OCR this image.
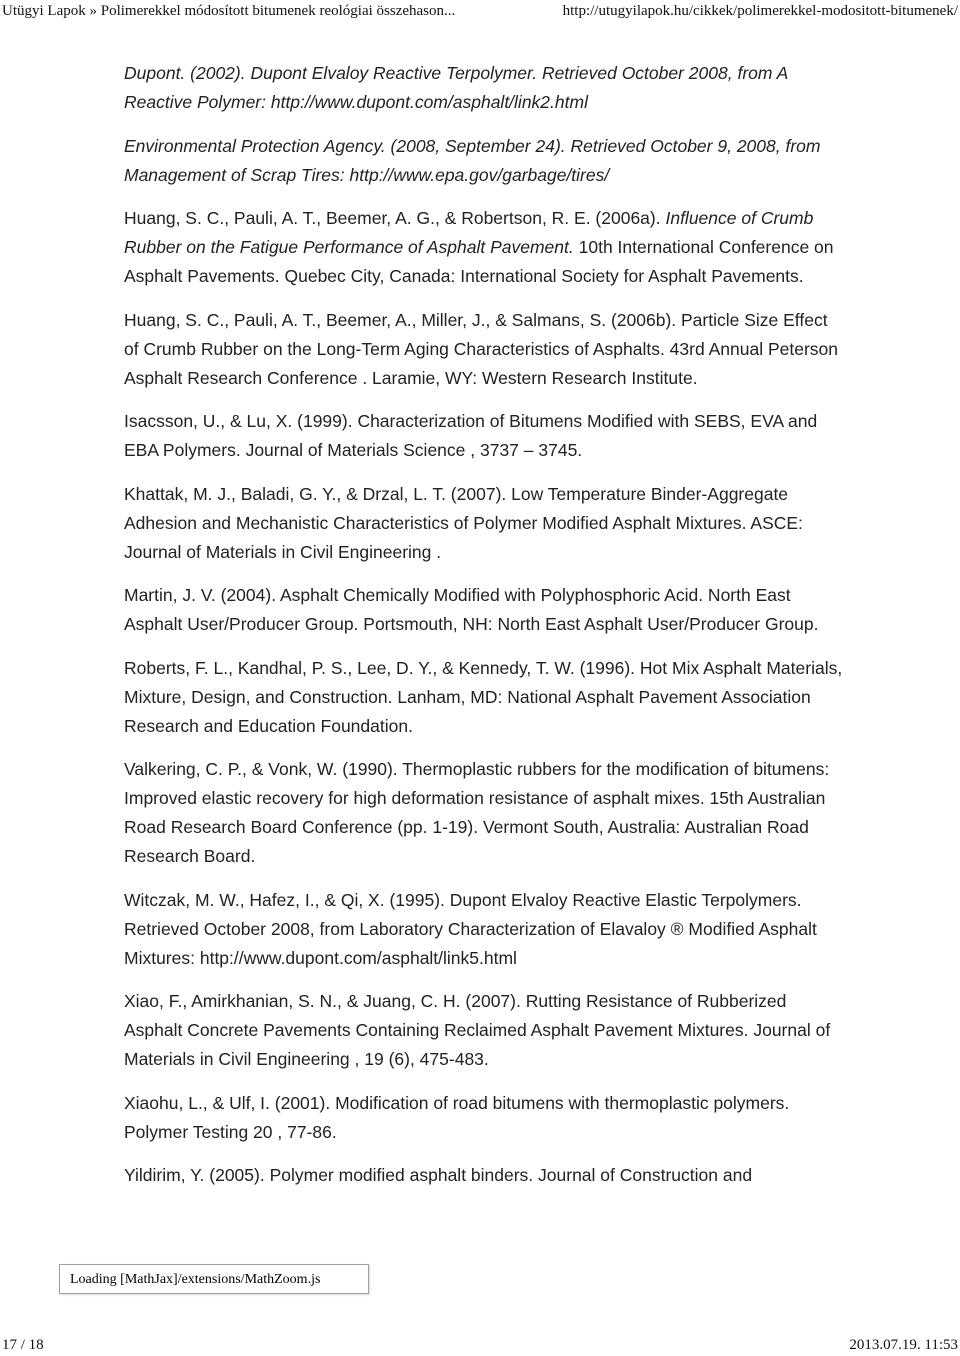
Utügyi Lapok » Polimerekkel módosított bitumenek reológiai összehason...	http://utugyilapok.hu/cikkek/polimerekkel-modositott-bitumenek/

Dupont. (2002). Dupont Elvaloy Reactive Terpolymer. Retrieved October 2008, from A Reactive Polymer: http://www.dupont.com/asphalt/link2.html

Environmental Protection Agency. (2008, September 24). Retrieved October 9, 2008, from Management of Scrap Tires: http://www.epa.gov/garbage/tires/

Huang, S. C., Pauli, A. T., Beemer, A. G., & Robertson, R. E. (2006a). Influence of Crumb Rubber on the Fatigue Performance of Asphalt Pavement. 10th International Conference on Asphalt Pavements. Quebec City, Canada: International Society for Asphalt Pavements.

Huang, S. C., Pauli, A. T., Beemer, A., Miller, J., & Salmans, S. (2006b). Particle Size Effect of Crumb Rubber on the Long-Term Aging Characteristics of Asphalts. 43rd Annual Peterson Asphalt Research Conference . Laramie, WY: Western Research Institute.

Isacsson, U., & Lu, X. (1999). Characterization of Bitumens Modified with SEBS, EVA and EBA Polymers. Journal of Materials Science , 3737 – 3745.

Khattak, M. J., Baladi, G. Y., & Drzal, L. T. (2007). Low Temperature Binder-Aggregate Adhesion and Mechanistic Characteristics of Polymer Modified Asphalt Mixtures. ASCE: Journal of Materials in Civil Engineering .

Martin, J. V. (2004). Asphalt Chemically Modified with Polyphosphoric Acid. North East Asphalt User/Producer Group. Portsmouth, NH: North East Asphalt User/Producer Group.

Roberts, F. L., Kandhal, P. S., Lee, D. Y., & Kennedy, T. W. (1996). Hot Mix Asphalt Materials, Mixture, Design, and Construction. Lanham, MD: National Asphalt Pavement Association Research and Education Foundation.

Valkering, C. P., & Vonk, W. (1990). Thermoplastic rubbers for the modification of bitumens: Improved elastic recovery for high deformation resistance of asphalt mixes. 15th Australian Road Research Board Conference (pp. 1-19). Vermont South, Australia: Australian Road Research Board.

Witczak, M. W., Hafez, I., & Qi, X. (1995). Dupont Elvaloy Reactive Elastic Terpolymers. Retrieved October 2008, from Laboratory Characterization of Elavaloy ® Modified Asphalt Mixtures: http://www.dupont.com/asphalt/link5.html

Xiao, F., Amirkhanian, S. N., & Juang, C. H. (2007). Rutting Resistance of Rubberized Asphalt Concrete Pavements Containing Reclaimed Asphalt Pavement Mixtures. Journal of Materials in Civil Engineering , 19 (6), 475-483.

Xiaohu, L., & Ulf, I. (2001). Modification of road bitumens with thermoplastic polymers. Polymer Testing 20 , 77-86.

Yildirim, Y. (2005). Polymer modified asphalt binders. Journal of Construction and

Loading [MathJax]/extensions/MathZoom.js
17 / 18	2013.07.19. 11:53
